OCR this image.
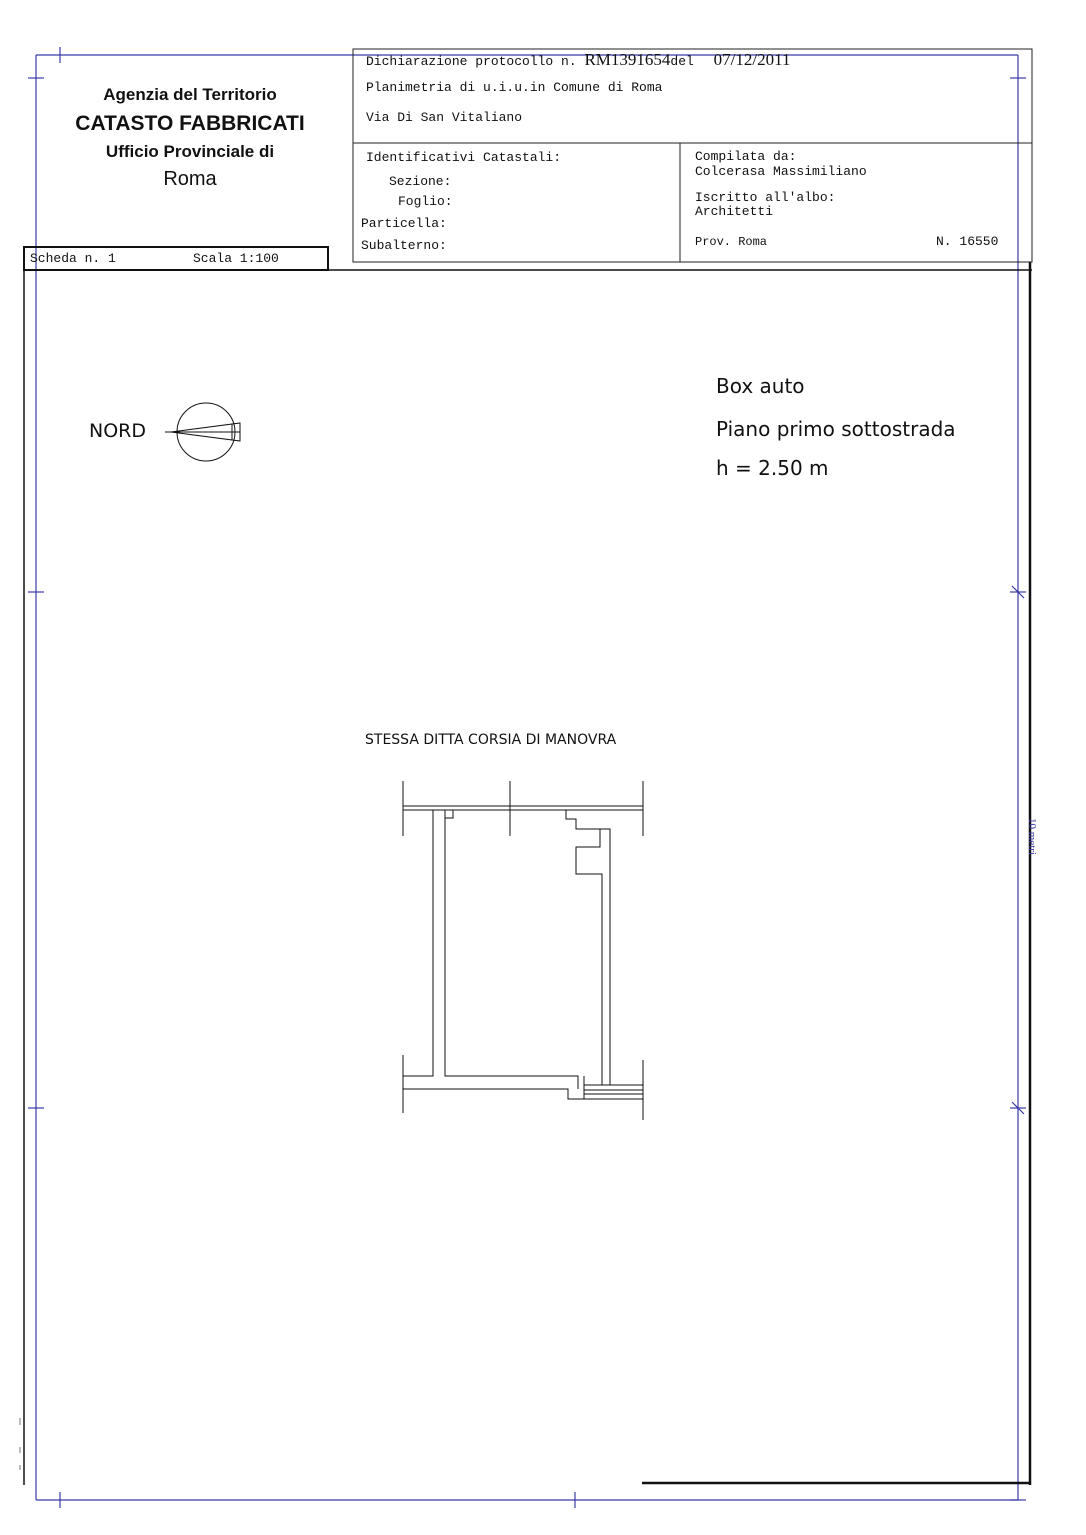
Agenzia del Territorio
CATASTO FABBRICATI
Ufficio Provinciale di
Roma
Dichiarazione protocollo n. RM1391654del 07/12/2011
Planimetria di u.i.u.in Comune di Roma
Via Di San Vitaliano
Identificativi Catastali:
Sezione:
Foglio:
Particella:
Subalterno:
Compilata da:
Colcerasa Massimiliano
Iscritto all'albo:
Architetti
Prov. Roma	N. 16550
Scheda n. 1	Scala 1:100
NORD
Box auto
Piano primo sottostrada
h = 2.50 m
STESSA DITTA CORSIA DI MANOVRA
10 metri
